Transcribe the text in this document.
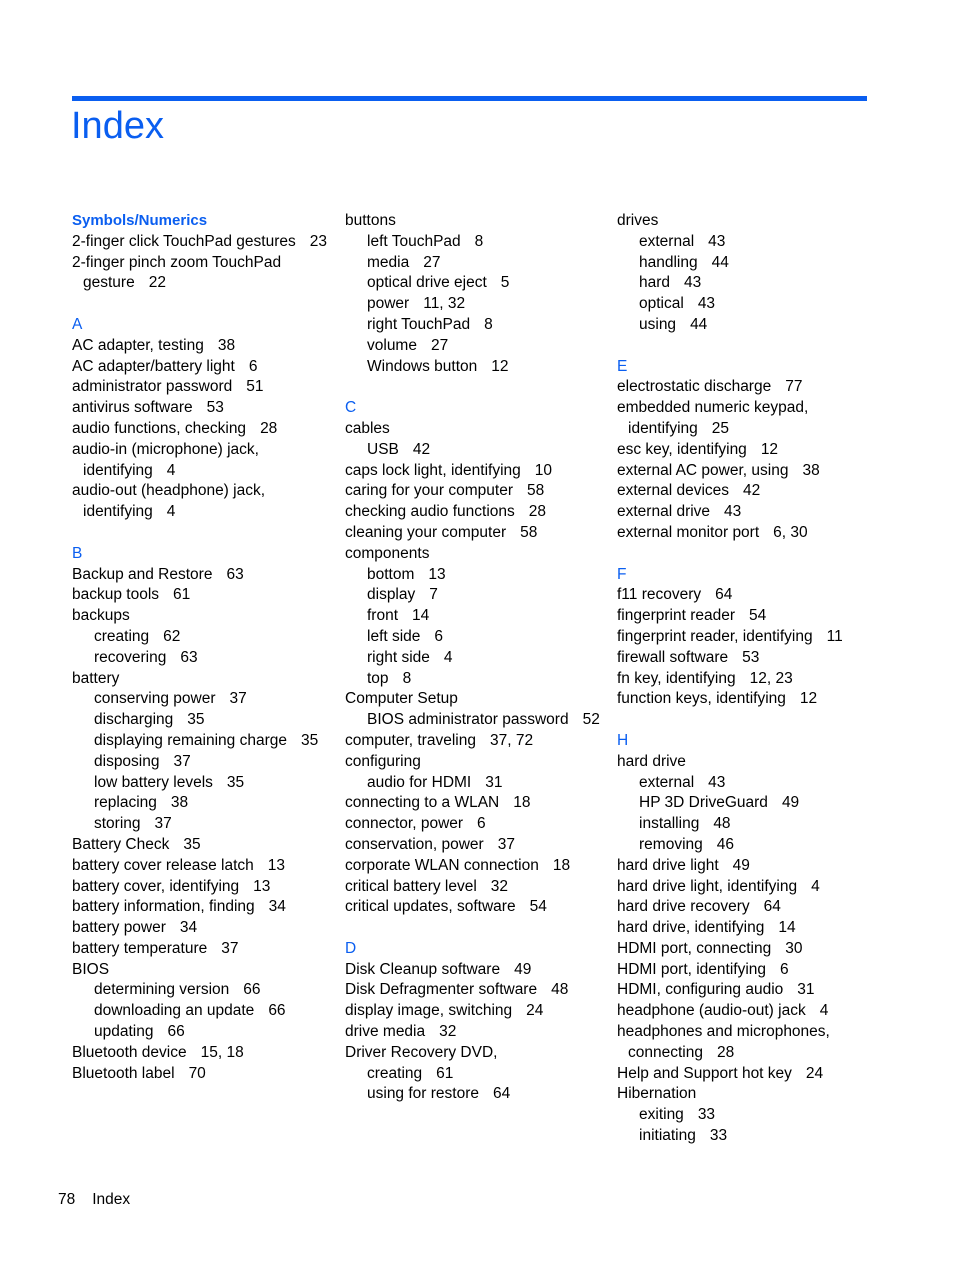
Index
Symbols/Numerics
2-finger click TouchPad gestures 23
2-finger pinch zoom TouchPad gesture 22
A
AC adapter, testing 38
AC adapter/battery light 6
administrator password 51
antivirus software 53
audio functions, checking 28
audio-in (microphone) jack, identifying 4
audio-out (headphone) jack, identifying 4
B
Backup and Restore 63
backup tools 61
backups
creating 62
recovering 63
battery
conserving power 37
discharging 35
displaying remaining charge 35
disposing 37
low battery levels 35
replacing 38
storing 37
Battery Check 35
battery cover release latch 13
battery cover, identifying 13
battery information, finding 34
battery power 34
battery temperature 37
BIOS
determining version 66
downloading an update 66
updating 66
Bluetooth device 15, 18
Bluetooth label 70
buttons
left TouchPad 8
media 27
optical drive eject 5
power 11, 32
right TouchPad 8
volume 27
Windows button 12
C
cables
USB 42
caps lock light, identifying 10
caring for your computer 58
checking audio functions 28
cleaning your computer 58
components
bottom 13
display 7
front 14
left side 6
right side 4
top 8
Computer Setup
BIOS administrator password 52
computer, traveling 37, 72
configuring
audio for HDMI 31
connecting to a WLAN 18
connector, power 6
conservation, power 37
corporate WLAN connection 18
critical battery level 32
critical updates, software 54
D
Disk Cleanup software 49
Disk Defragmenter software 48
display image, switching 24
drive media 32
Driver Recovery DVD,
creating 61
using for restore 64
drives
external 43
handling 44
hard 43
optical 43
using 44
E
electrostatic discharge 77
embedded numeric keypad, identifying 25
esc key, identifying 12
external AC power, using 38
external devices 42
external drive 43
external monitor port 6, 30
F
f11 recovery 64
fingerprint reader 54
fingerprint reader, identifying 11
firewall software 53
fn key, identifying 12, 23
function keys, identifying 12
H
hard drive
external 43
HP 3D DriveGuard 49
installing 48
removing 46
hard drive light 49
hard drive light, identifying 4
hard drive recovery 64
hard drive, identifying 14
HDMI port, connecting 30
HDMI port, identifying 6
HDMI, configuring audio 31
headphone (audio-out) jack 4
headphones and microphones, connecting 28
Help and Support hot key 24
Hibernation
exiting 33
initiating 33
78 Index
